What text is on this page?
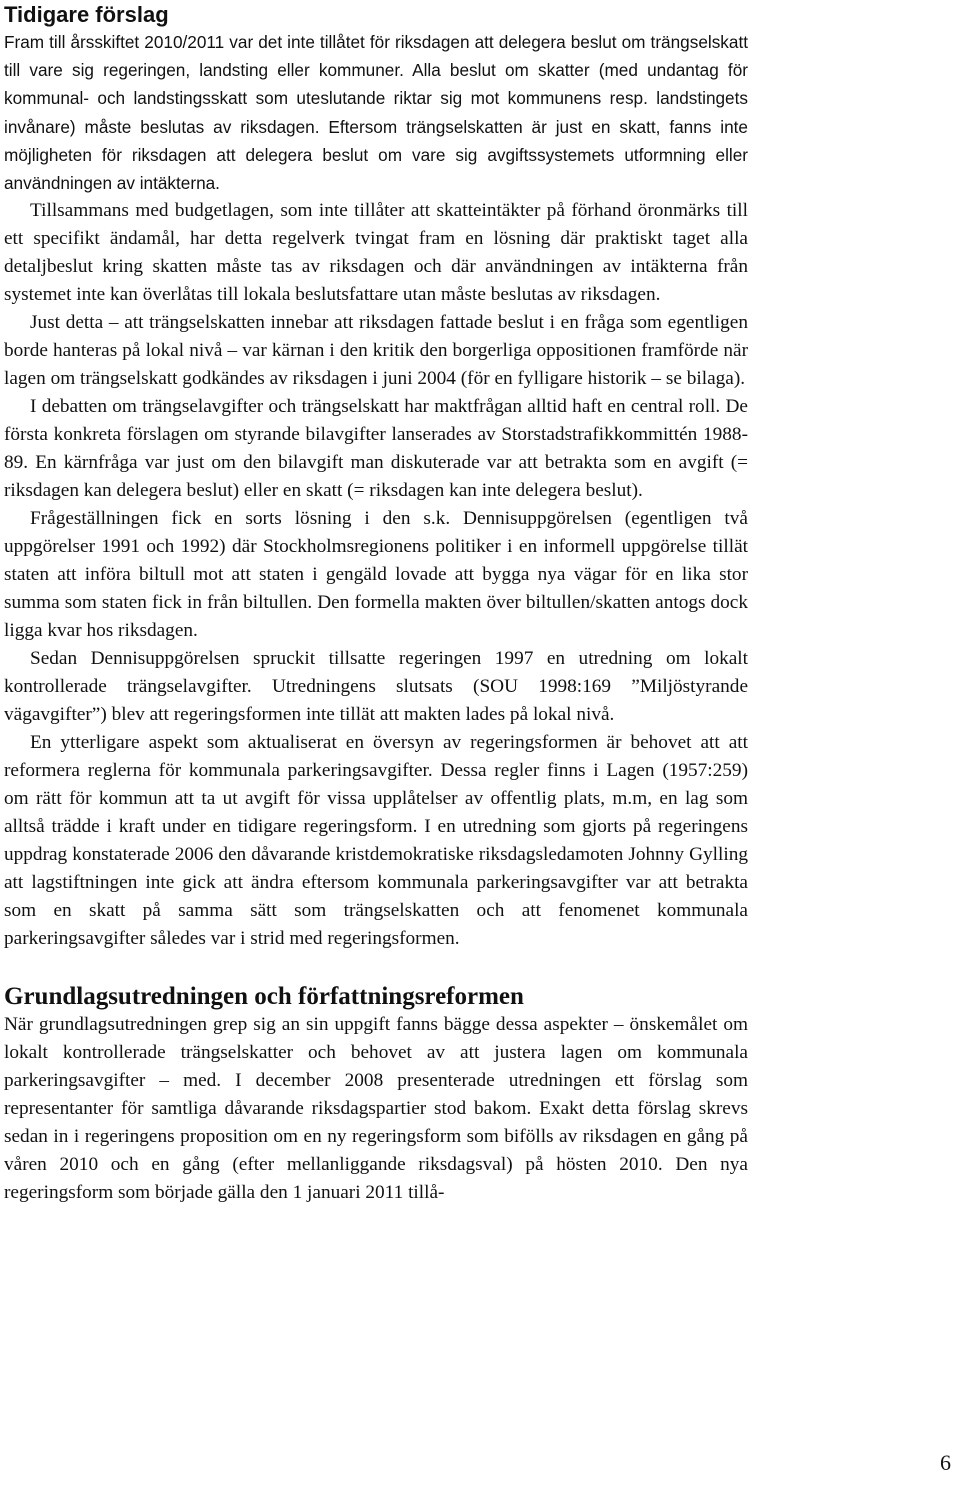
Tidigare förslag

Fram till årsskiftet 2010/2011 var det inte tillåtet för riksdagen att delegera beslut om trängselskatt till vare sig regeringen, landsting eller kommuner. Alla beslut om skatter (med undantag för kommunal- och landstingsskatt som uteslutande riktar sig mot kommunens resp. landstingets invånare) måste beslutas av riksdagen. Eftersom trängselskatten är just en skatt, fanns inte möjligheten för riksdagen att delegera beslut om vare sig avgiftssystemets utformning eller användningen av intäkterna.

Tillsammans med budgetlagen, som inte tillåter att skatteintäkter på förhand öronmärks till ett specifikt ändamål, har detta regelverk tvingat fram en lösning där praktiskt taget alla detaljbeslut kring skatten måste tas av riksdagen och där användningen av intäkterna från systemet inte kan överlåtas till lokala beslutsfattare utan måste beslutas av riksdagen.

Just detta – att trängselskatten innebar att riksdagen fattade beslut i en fråga som egentligen borde hanteras på lokal nivå – var kärnan i den kritik den borgerliga oppositionen framförde när lagen om trängselskatt godkändes av riksdagen i juni 2004 (för en fylligare historik – se bilaga).

I debatten om trängselavgifter och trängselskatt har maktfrågan alltid haft en central roll. De första konkreta förslagen om styrande bilavgifter lanserades av Storstadstrafikkommittén 1988-89. En kärnfråga var just om den bilavgift man diskuterade var att betrakta som en avgift (= riksdagen kan delegera beslut) eller en skatt (= riksdagen kan inte delegera beslut).

Frågeställningen fick en sorts lösning i den s.k. Dennisuppgörelsen (egentligen två uppgörelser 1991 och 1992) där Stockholmsregionens politiker i en informell uppgörelse tillät staten att införa biltull mot att staten i gengäld lovade att bygga nya vägar för en lika stor summa som staten fick in från biltullen. Den formella makten över biltullen/skatten antogs dock ligga kvar hos riksdagen.

Sedan Dennisuppgörelsen spruckit tillsatte regeringen 1997 en utredning om lokalt kontrollerade trängselavgifter. Utredningens slutsats (SOU 1998:169 ”Miljöstyrande vägavgifter”) blev att regeringsformen inte tillät att makten lades på lokal nivå.

En ytterligare aspekt som aktualiserat en översyn av regeringsformen är behovet att att reformera reglerna för kommunala parkeringsavgifter. Dessa regler finns i Lagen (1957:259) om rätt för kommun att ta ut avgift för vissa upplåtelser av offentlig plats, m.m, en lag som alltså trädde i kraft under en tidigare regeringsform. I en utredning som gjorts på regeringens uppdrag konstaterade 2006 den dåvarande kristdemokratiske riksdagsledamoten Johnny Gylling att lagstiftningen inte gick att ändra eftersom kommunala parkeringsavgifter var att betrakta som en skatt på samma sätt som trängselskatten och att fenomenet kommunala parkeringsavgifter således var i strid med regeringsformen.

Grundlagsutredningen och författningsreformen

När grundlagsutredningen grep sig an sin uppgift fanns bägge dessa aspekter – önskemålet om lokalt kontrollerade trängselskatter och behovet av att justera lagen om kommunala parkeringsavgifter – med. I december 2008 presenterade utredningen ett förslag som representanter för samtliga dåvarande riksdagspartier stod bakom. Exakt detta förslag skrevs sedan in i regeringens proposition om en ny regeringsform som bifölls av riksdagen en gång på våren 2010 och en gång (efter mellanliggande riksdagsval) på hösten 2010. Den nya regeringsform som började gälla den 1 januari 2011 tillå-

6
